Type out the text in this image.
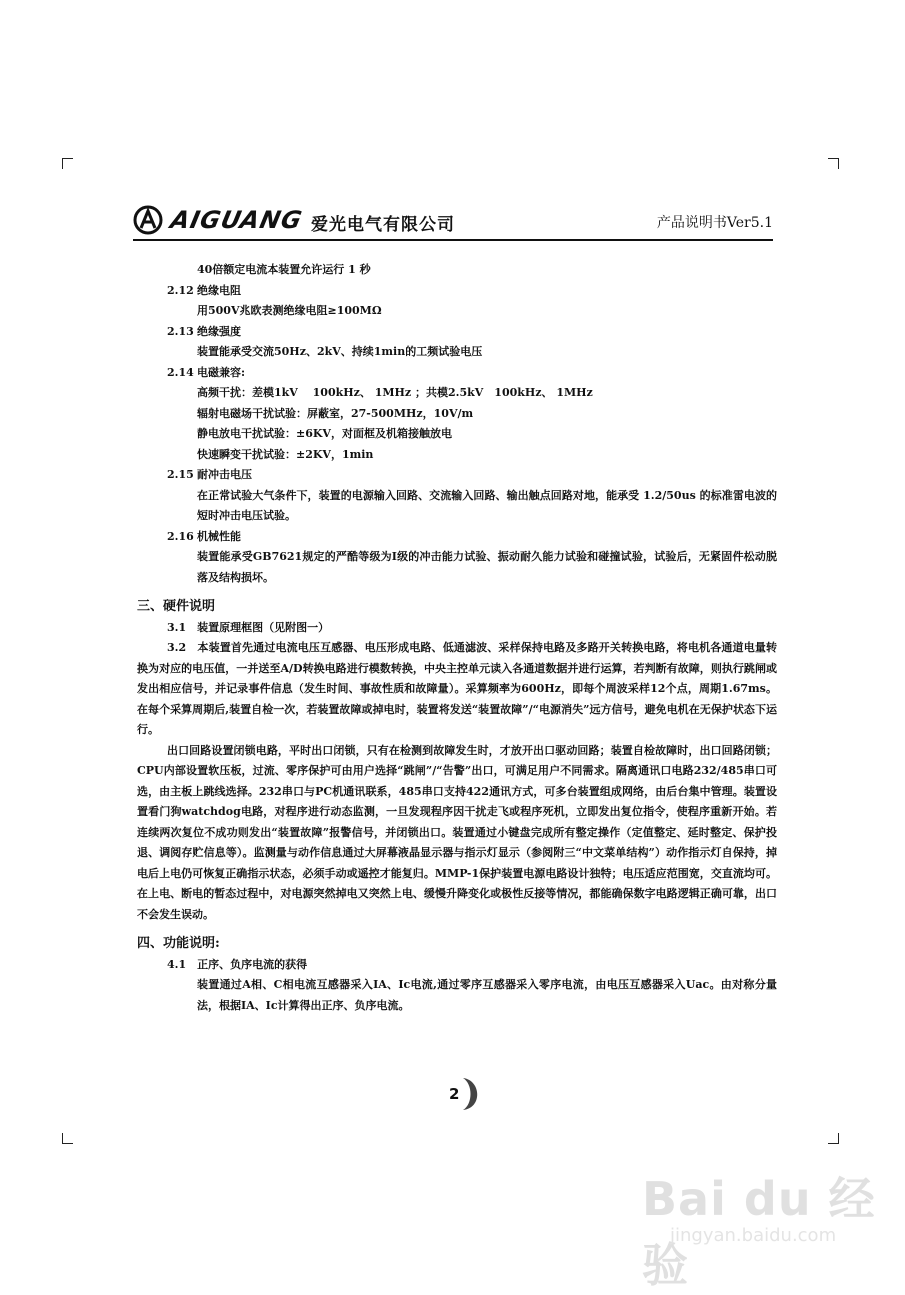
AIGUANG 爱光电气有限公司	产品说明书Ver5.1

40倍额定电流本装置允许运行 1 秒

2.12 绝缘电阻

用500V兆欧表测绝缘电阻≥100MΩ

2.13 绝缘强度

装置能承受交流50Hz、2kV、持续1min的工频试验电压

2.14 电磁兼容:

高频干扰：差模1kV　 100kHz、 1MHz ；共模2.5kV　100kHz、 1MHz

辐射电磁场干扰试验：屏蔽室，27-500MHz，10V/m

静电放电干扰试验：±6KV，对面框及机箱接触放电

快速瞬变干扰试验：±2KV，1min

2.15 耐冲击电压

在正常试验大气条件下，装置的电源输入回路、交流输入回路、输出触点回路对地，能承受 1.2/50us 的标准雷电波的短时冲击电压试验。

2.16 机械性能

装置能承受GB7621规定的严酷等级为Ⅰ级的冲击能力试验、振动耐久能力试验和碰撞试验，试验后，无紧固件松动脱落及结构损坏。

三、硬件说明

3.1　装置原理框图（见附图一）

3.2　本装置首先通过电流电压互感器、电压形成电路、低通滤波、采样保持电路及多路开关转换电路，将电机各通道电量转换为对应的电压值，一并送至A/D转换电路进行模数转换，中央主控单元读入各通道数据并进行运算，若判断有故障，则执行跳闸或发出相应信号，并记录事件信息（发生时间、事故性质和故障量）。采算频率为600Hz，即每个周波采样12个点，周期1.67ms。在每个采算周期后,装置自检一次，若装置故障或掉电时，装置将发送“装置故障”/“电源消失”远方信号，避免电机在无保护状态下运行。

出口回路设置闭锁电路，平时出口闭锁，只有在检测到故障发生时，才放开出口驱动回路；装置自检故障时，出口回路闭锁；CPU内部设置软压板，过流、零序保护可由用户选择“跳闸”/“告警”出口，可满足用户不同需求。隔离通讯口电路232/485串口可选，由主板上跳线选择。232串口与PC机通讯联系，485串口支持422通讯方式，可多台装置组成网络，由后台集中管理。装置设置看门狗watchdog电路，对程序进行动态监测，一旦发现程序因干扰走飞或程序死机，立即发出复位指令，使程序重新开始。若连续两次复位不成功则发出“装置故障”报警信号，并闭锁出口。装置通过小键盘完成所有整定操作（定值整定、延时整定、保护投退、调阅存贮信息等）。监测量与动作信息通过大屏幕液晶显示器与指示灯显示（参阅附三“中文菜单结构”）动作指示灯自保持，掉电后上电仍可恢复正确指示状态，必须手动或遥控才能复归。MMP-1保护装置电源电路设计独特；电压适应范围宽，交直流均可。在上电、断电的暂态过程中，对电源突然掉电又突然上电、缓慢升降变化或极性反接等情况，都能确保数字电路逻辑正确可靠，出口不会发生误动。

四、功能说明:

4.1　正序、负序电流的获得

装置通过A相、C相电流互感器采入IA、Ic电流,通过零序互感器采入零序电流，由电压互感器采入Uac。由对称分量法，根据IA、Ic计算得出正序、负序电流。

2
Bai du 经验
jingyan.baidu.com
